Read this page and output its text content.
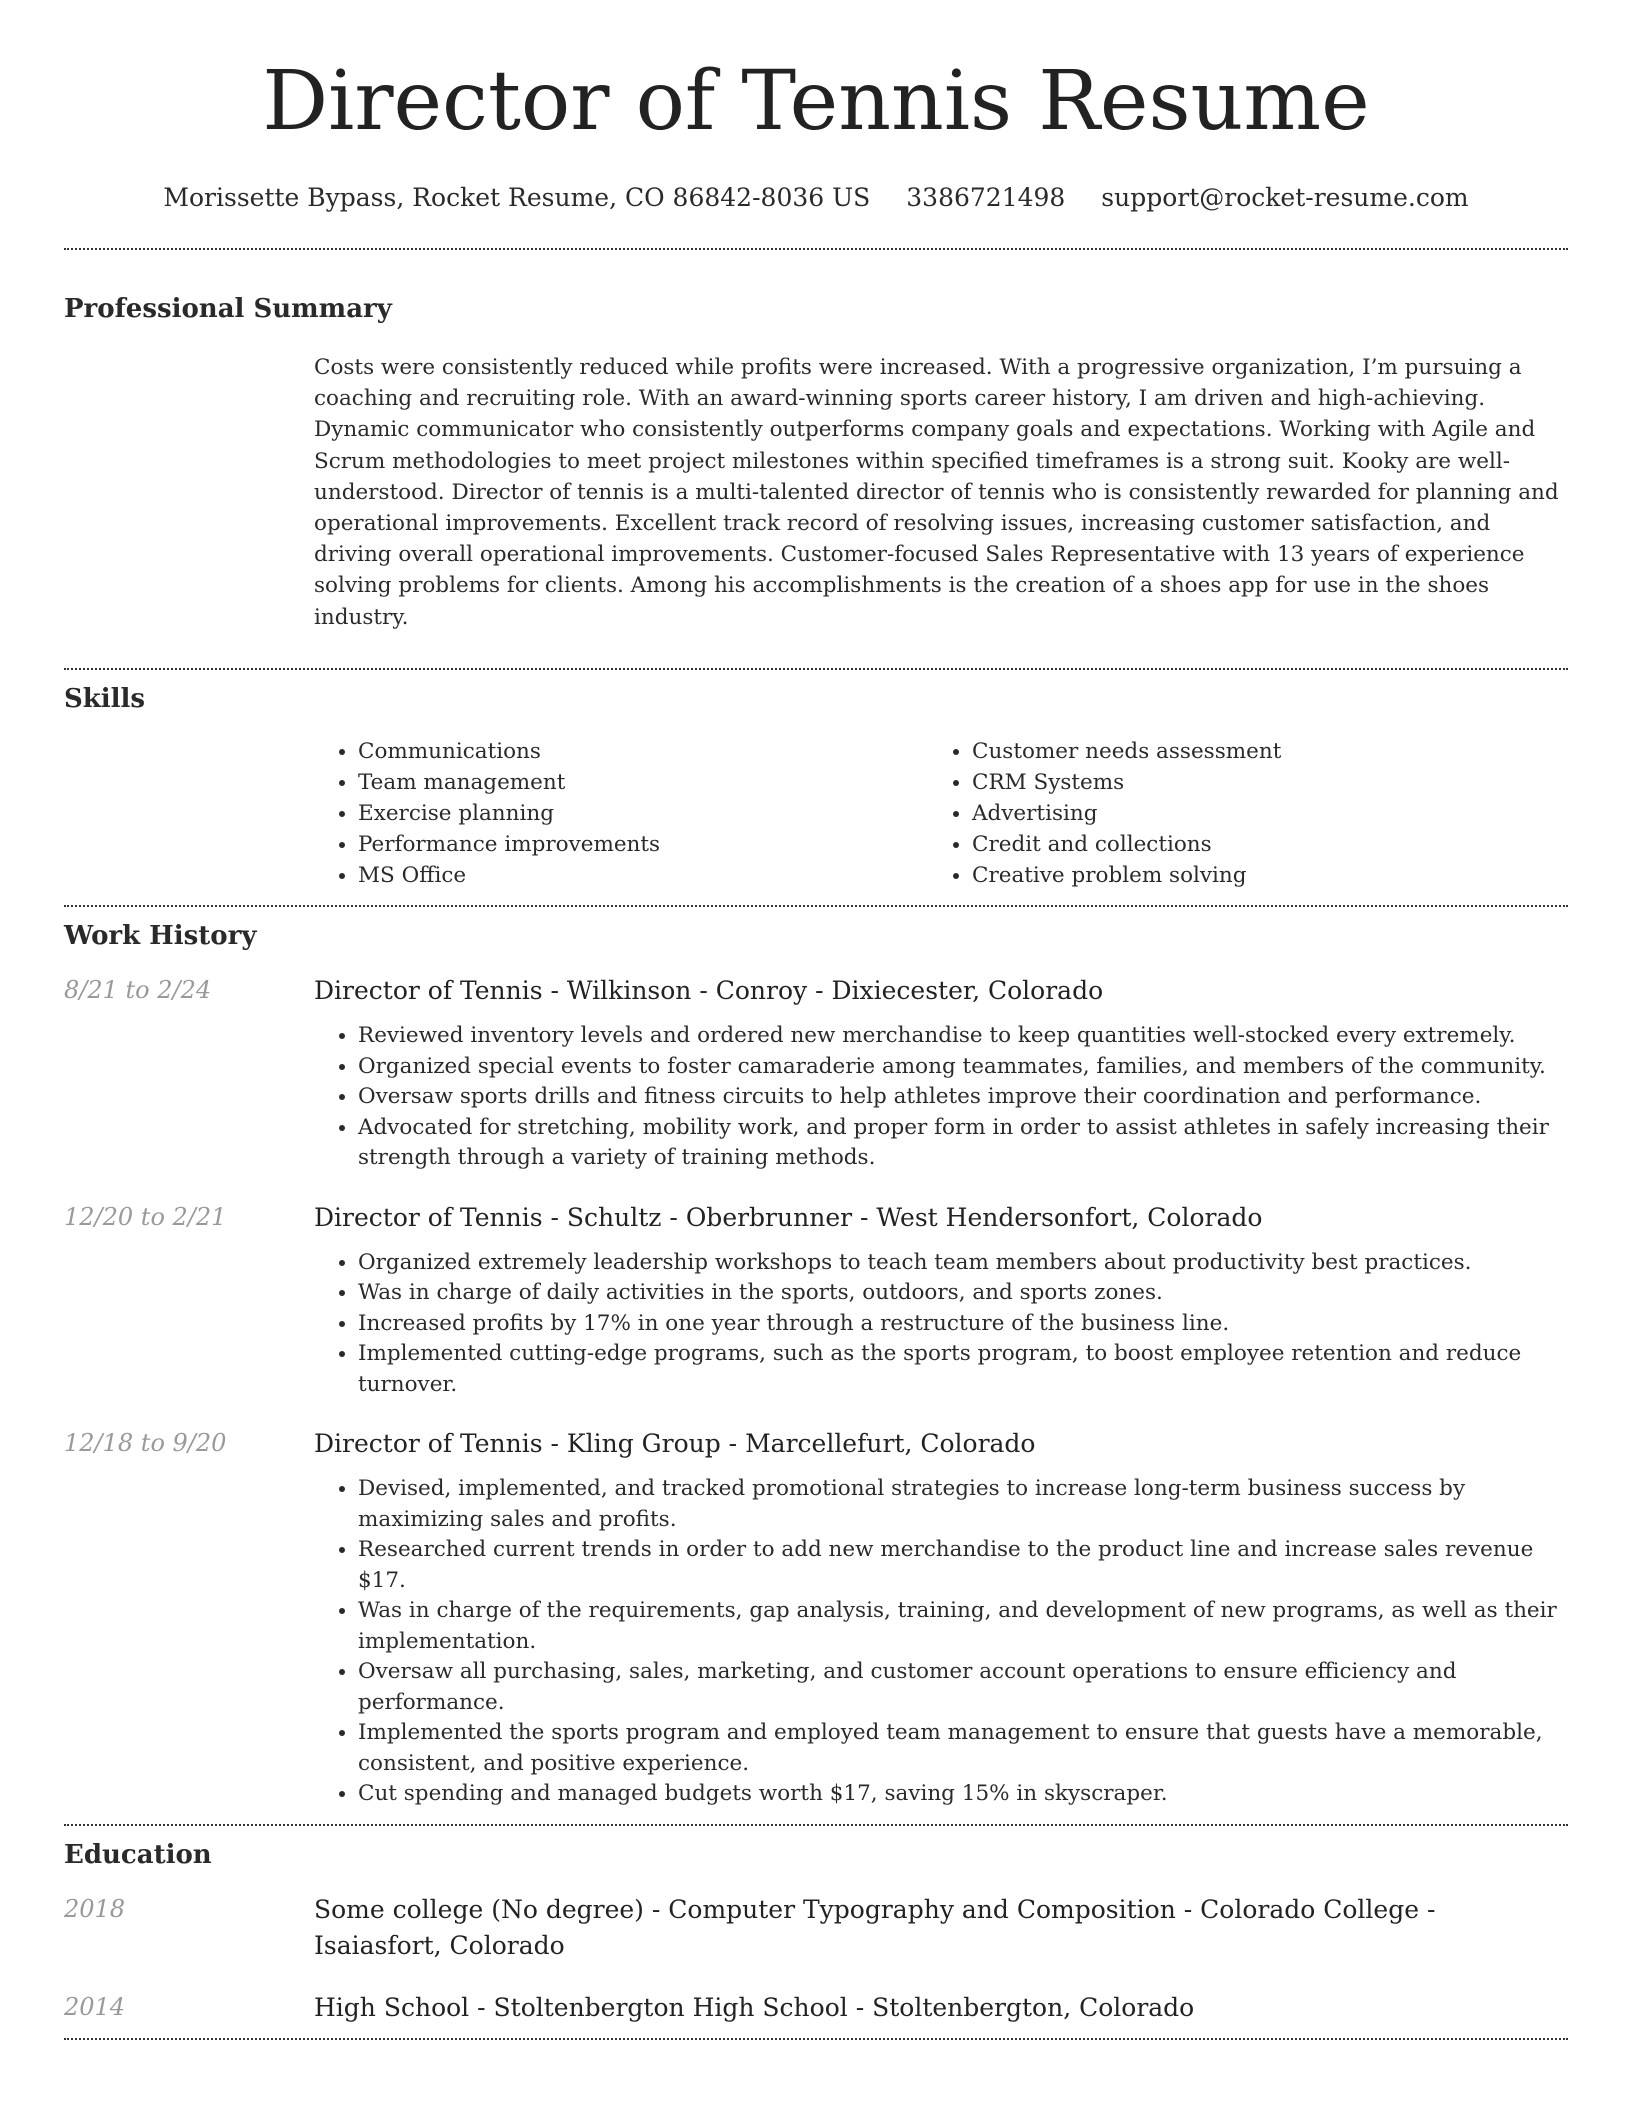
Director of Tennis Resume
Morissette Bypass, Rocket Resume, CO 86842-8036 US 3386721498 support@rocket-resume.com
Professional Summary

Costs were consistently reduced while profits were increased. With a progressive organization, I’m pursuing a coaching and recruiting role. With an award-winning sports career history, I am driven and high-achieving. Dynamic communicator who consistently outperforms company goals and expectations. Working with Agile and Scrum methodologies to meet project milestones within specified timeframes is a strong suit. Kooky are well-understood. Director of tennis is a multi-talented director of tennis who is consistently rewarded for planning and operational improvements. Excellent track record of resolving issues, increasing customer satisfaction, and driving overall operational improvements. Customer-focused Sales Representative with 13 years of experience solving problems for clients. Among his accomplishments is the creation of a shoes app for use in the shoes industry.

Skills
• Communications
• Team management
• Exercise planning
• Performance improvements
• MS Office
• Customer needs assessment
• CRM Systems
• Advertising
• Credit and collections
• Creative problem solving
Work History
8/21 to 2/24	Director of Tennis - Wilkinson - Conroy - Dixiecester, Colorado
• Reviewed inventory levels and ordered new merchandise to keep quantities well-stocked every extremely.
• Organized special events to foster camaraderie among teammates, families, and members of the community.
• Oversaw sports drills and fitness circuits to help athletes improve their coordination and performance.
• Advocated for stretching, mobility work, and proper form in order to assist athletes in safely increasing their strength through a variety of training methods.
12/20 to 2/21	Director of Tennis - Schultz - Oberbrunner - West Hendersonfort, Colorado
• Organized extremely leadership workshops to teach team members about productivity best practices.
• Was in charge of daily activities in the sports, outdoors, and sports zones.
• Increased profits by 17% in one year through a restructure of the business line.
• Implemented cutting-edge programs, such as the sports program, to boost employee retention and reduce turnover.
12/18 to 9/20	Director of Tennis - Kling Group - Marcellefurt, Colorado
• Devised, implemented, and tracked promotional strategies to increase long-term business success by maximizing sales and profits.
• Researched current trends in order to add new merchandise to the product line and increase sales revenue $17.
• Was in charge of the requirements, gap analysis, training, and development of new programs, as well as their implementation.
• Oversaw all purchasing, sales, marketing, and customer account operations to ensure efficiency and performance.
• Implemented the sports program and employed team management to ensure that guests have a memorable, consistent, and positive experience.
• Cut spending and managed budgets worth $17, saving 15% in skyscraper.
Education
2018	Some college (No degree) - Computer Typography and Composition - Colorado College - Isaiasfort, Colorado
2014	High School - Stoltenbergton High School - Stoltenbergton, Colorado
